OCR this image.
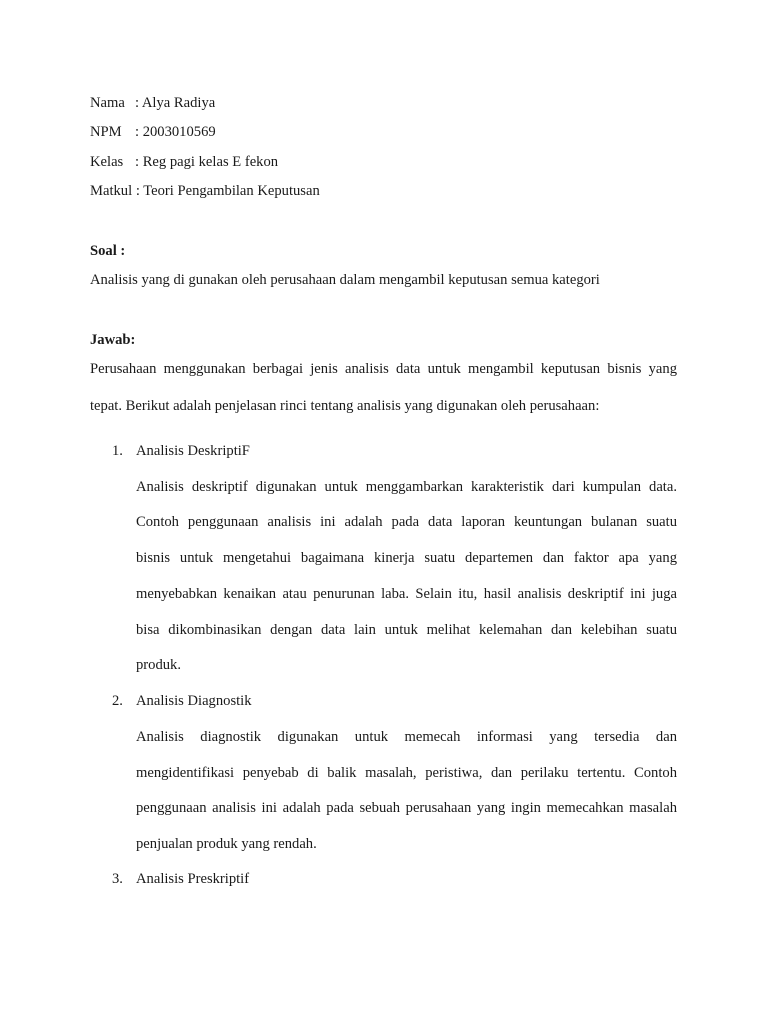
Nama : Alya Radiya
NPM : 2003010569
Kelas : Reg pagi kelas E fekon
Matkul : Teori Pengambilan Keputusan
Soal :
Analisis yang di gunakan oleh perusahaan dalam mengambil keputusan semua kategori
Jawab:
Perusahaan menggunakan berbagai jenis analisis data untuk mengambil keputusan bisnis yang
tepat. Berikut adalah penjelasan rinci tentang analisis yang digunakan oleh perusahaan:
1. Analisis DeskriptiF
Analisis deskriptif digunakan untuk menggambarkan karakteristik dari kumpulan data.
Contoh penggunaan analisis ini adalah pada data laporan keuntungan bulanan suatu
bisnis untuk mengetahui bagaimana kinerja suatu departemen dan faktor apa yang
menyebabkan kenaikan atau penurunan laba. Selain itu, hasil analisis deskriptif ini juga
bisa dikombinasikan dengan data lain untuk melihat kelemahan dan kelebihan suatu
produk.
2. Analisis Diagnostik
Analisis diagnostik digunakan untuk memecah informasi yang tersedia dan
mengidentifikasi penyebab di balik masalah, peristiwa, dan perilaku tertentu. Contoh
penggunaan analisis ini adalah pada sebuah perusahaan yang ingin memecahkan masalah
penjualan produk yang rendah.
3. Analisis Preskriptif
